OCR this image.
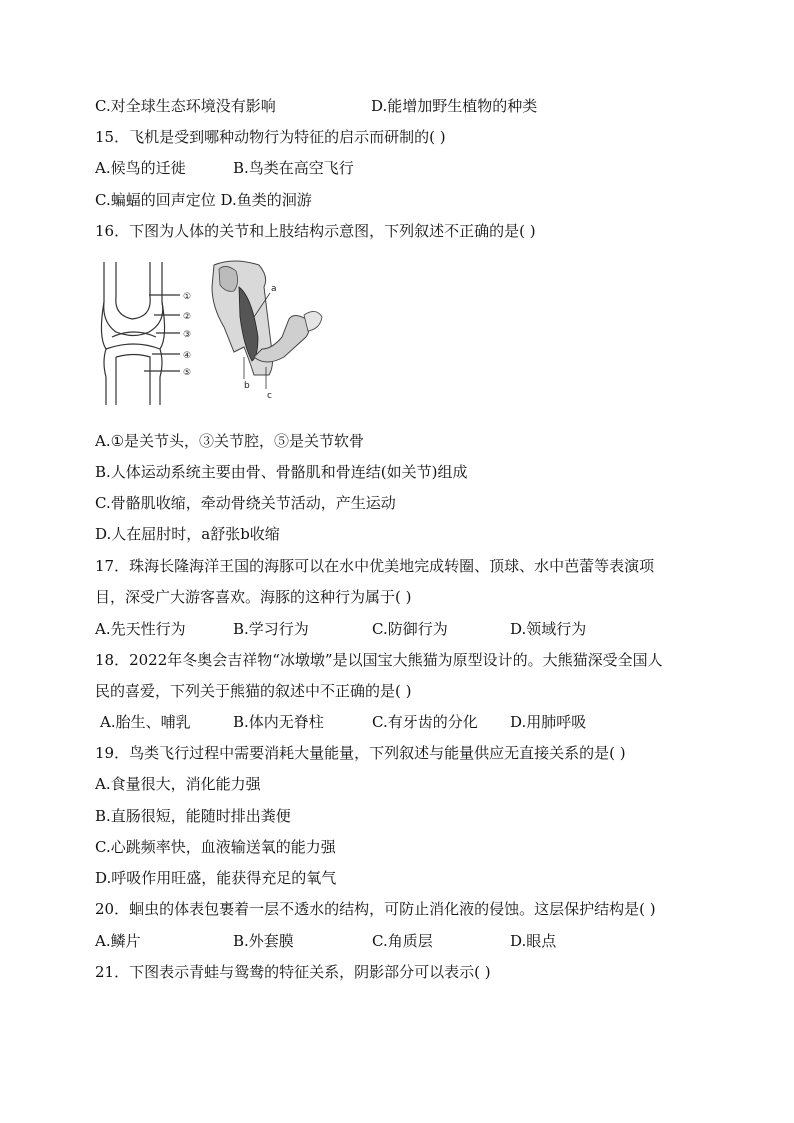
C.对全球生态环境没有影响	D.能增加野生植物的种类
15．飞机是受到哪种动物行为特征的启示而研制的( )
A.候鸟的迁徙	B.鸟类在高空飞行
C.蝙蝠的回声定位 D.鱼类的洄游
16．下图为人体的关节和上肢结构示意图，下列叙述不正确的是( )
①
②
③
④
⑤
a
b
c
A.①是关节头，③关节腔，⑤是关节软骨
B.人体运动系统主要由骨、骨骼肌和骨连结(如关节)组成
C.骨骼肌收缩，牵动骨绕关节活动，产生运动
D.人在屈肘时，a舒张b收缩
17．珠海长隆海洋王国的海豚可以在水中优美地完成转圈、顶球、水中芭蕾等表演项
目，深受广大游客喜欢。海豚的这种行为属于( )
A.先天性行为	B.学习行为	C.防御行为	D.领域行为
18．2022年冬奥会吉祥物“冰墩墩”是以国宝大熊猫为原型设计的。大熊猫深受全国人
民的喜爱，下列关于熊猫的叙述中不正确的是( )
A.胎生、哺乳	B.体内无脊柱	C.有牙齿的分化 D.用肺呼吸
19．鸟类飞行过程中需要消耗大量能量，下列叙述与能量供应无直接关系的是( )
A.食量很大，消化能力强
B.直肠很短，能随时排出粪便
C.心跳频率快，血液输送氧的能力强
D.呼吸作用旺盛，能获得充足的氧气
20．蛔虫的体表包裹着一层不透水的结构，可防止消化液的侵蚀。这层保护结构是( )
A.鳞片	B.外套膜	C.角质层	D.眼点
21．下图表示青蛙与鸳鸯的特征关系，阴影部分可以表示( )
